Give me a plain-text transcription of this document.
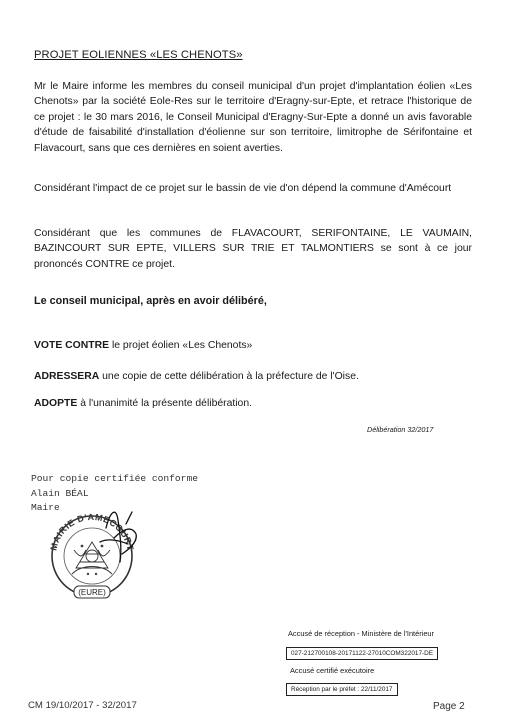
PROJET EOLIENNES «LES CHENOTS»
Mr le Maire informe les membres du conseil municipal d'un projet d'implantation éolien «Les Chenots» par la société Eole-Res sur le territoire d'Eragny-sur-Epte, et retrace l'historique de ce projet : le 30 mars 2016, le Conseil Municipal d'Eragny-Sur-Epte a donné un avis favorable d'étude de faisabilité d'installation d'éolienne sur son territoire, limitrophe de Sérifontaine et Flavacourt, sans que ces dernières en soient averties.
Considérant l'impact de ce projet sur le bassin de vie d'on dépend la commune d'Amécourt
Considérant que les communes de FLAVACOURT, SERIFONTAINE, LE VAUMAIN, BAZINCOURT SUR EPTE, VILLERS SUR TRIE ET TALMONTIERS se sont à ce jour prononcés CONTRE ce projet.
Le conseil municipal, après en avoir délibéré,
VOTE CONTRE le projet éolien «Les Chenots»
ADRESSERA une copie de cette délibération à la préfecture de l'Oise.
ADOPTE à l'unanimité la présente délibération.
Délibération 32/2017
Pour copie certifiée conforme
Alain BÉAL
Maire
MAIRIE D'AMECOURT
(EURE)
Accusé de réception - Ministère de l'Intérieur
027-212700108-20171122-27010COM322017-DE
Accusé certifié exécutoire
Réception par le préfet : 22/11/2017
CM 19/10/2017 - 32/2017	Page 2
